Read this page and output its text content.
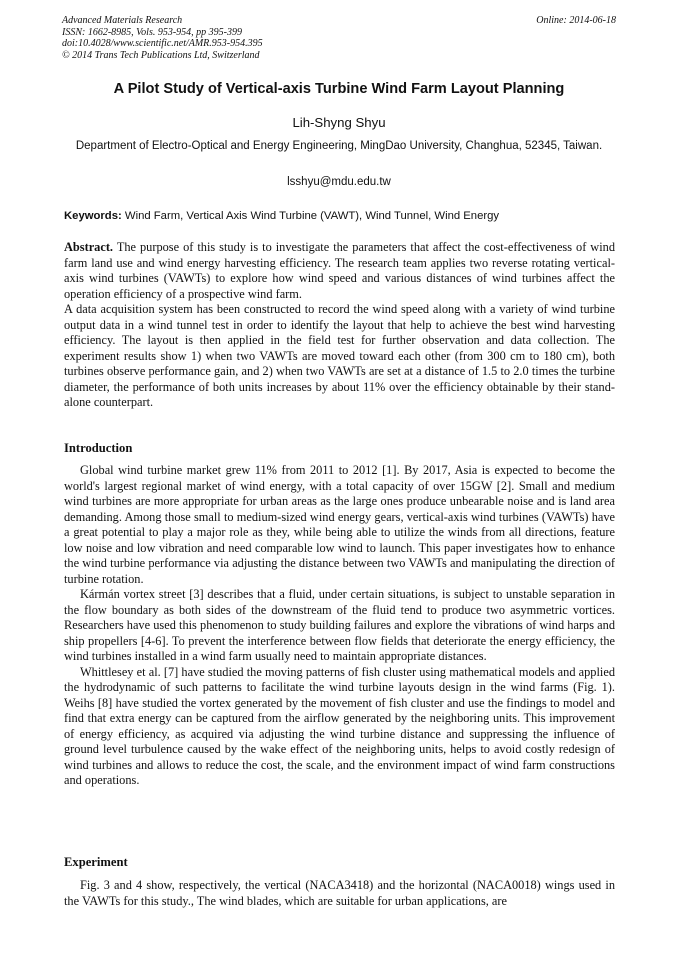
Advanced Materials Research
ISSN: 1662-8985, Vols. 953-954, pp 395-399
doi:10.4028/www.scientific.net/AMR.953-954.395
© 2014 Trans Tech Publications Ltd, Switzerland
Online: 2014-06-18
A Pilot Study of Vertical-axis Turbine Wind Farm Layout Planning
Lih-Shyng Shyu
Department of Electro-Optical and Energy Engineering, MingDao University, Changhua, 52345, Taiwan.
lsshyu@mdu.edu.tw
Keywords: Wind Farm, Vertical Axis Wind Turbine (VAWT), Wind Tunnel, Wind Energy

Abstract. The purpose of this study is to investigate the parameters that affect the cost-effectiveness of wind farm land use and wind energy harvesting efficiency. The research team applies two reverse rotating vertical-axis wind turbines (VAWTs) to explore how wind speed and various distances of wind turbines affect the operation efficiency of a prospective wind farm.

A data acquisition system has been constructed to record the wind speed along with a variety of wind turbine output data in a wind tunnel test in order to identify the layout that help to achieve the best wind harvesting efficiency. The layout is then applied in the field test for further observation and data collection. The experiment results show 1) when two VAWTs are moved toward each other (from 300 cm to 180 cm), both turbines observe performance gain, and 2) when two VAWTs are set at a distance of 1.5 to 2.0 times the turbine diameter, the performance of both units increases by about 11% over the efficiency obtainable by their stand-alone counterpart.

Introduction

Global wind turbine market grew 11% from 2011 to 2012 [1]. By 2017, Asia is expected to become the world's largest regional market of wind energy, with a total capacity of over 15GW [2]. Small and medium wind turbines are more appropriate for urban areas as the large ones produce unbearable noise and is land area demanding. Among those small to medium-sized wind energy gears, vertical-axis wind turbines (VAWTs) have a great potential to play a major role as they, while being able to utilize the winds from all directions, feature low noise and low vibration and need comparable low wind to launch. This paper investigates how to enhance the wind turbine performance via adjusting the distance between two VAWTs and manipulating the direction of turbine rotation.

Kármán vortex street [3] describes that a fluid, under certain situations, is subject to unstable separation in the flow boundary as both sides of the downstream of the fluid tend to produce two asymmetric vortices. Researchers have used this phenomenon to study building failures and explore the vibrations of wind harps and ship propellers [4-6]. To prevent the interference between flow fields that deteriorate the energy efficiency, the wind turbines installed in a wind farm usually need to maintain appropriate distances.

Whittlesey et al. [7] have studied the moving patterns of fish cluster using mathematical models and applied the hydrodynamic of such patterns to facilitate the wind turbine layouts design in the wind farms (Fig. 1). Weihs [8] have studied the vortex generated by the movement of fish cluster and use the findings to model and find that extra energy can be captured from the airflow generated by the neighboring units. This improvement of energy efficiency, as acquired via adjusting the wind turbine distance and suppressing the influence of ground level turbulence caused by the wake effect of the neighboring units, helps to avoid costly redesign of wind turbines and allows to reduce the cost, the scale, and the environment impact of wind farm constructions and operations.

Experiment

Fig. 3 and 4 show, respectively, the vertical (NACA3418) and the horizontal (NACA0018) wings used in the VAWTs for this study., The wind blades, which are suitable for urban applications, are
